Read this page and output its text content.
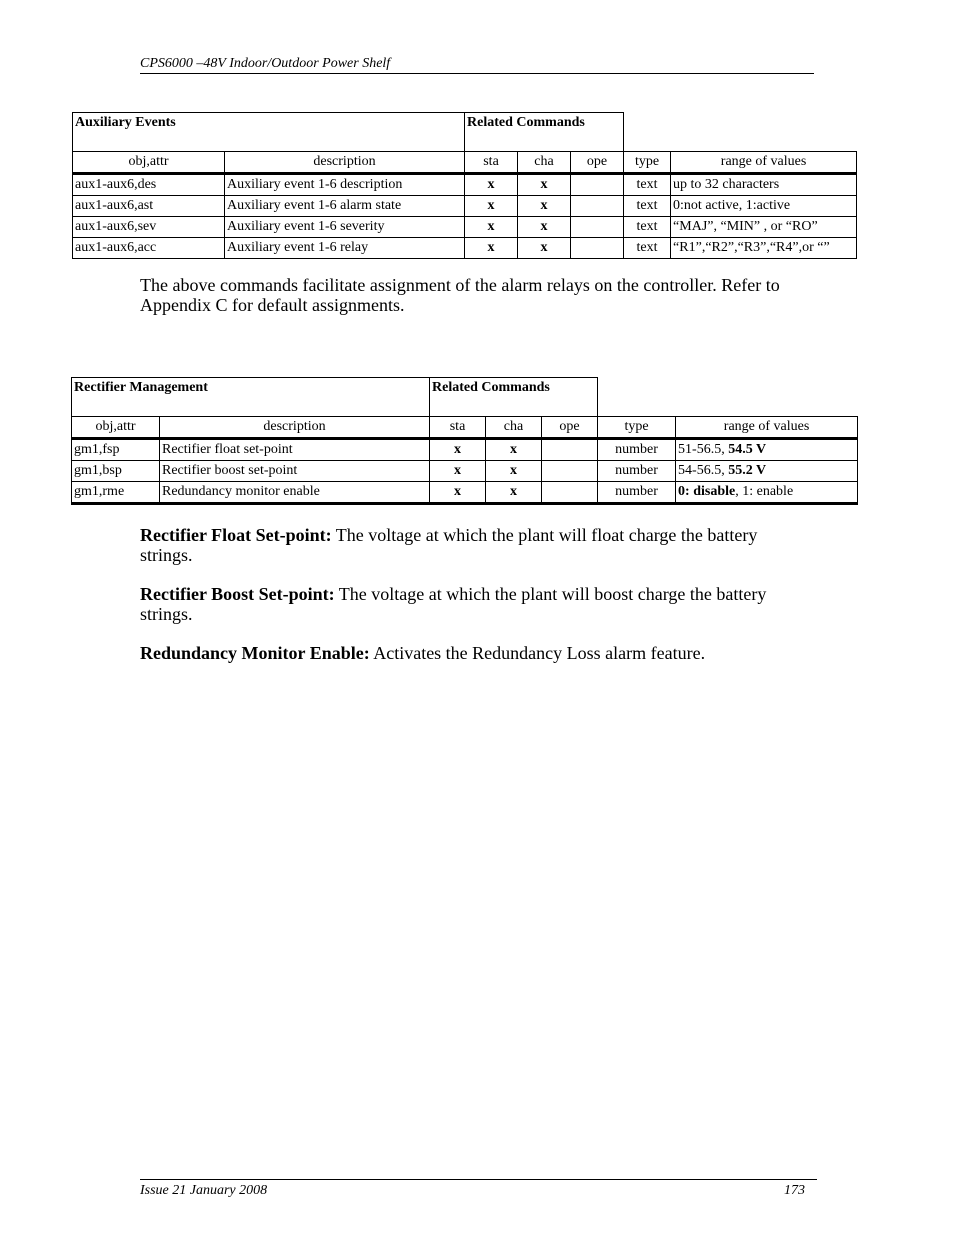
CPS6000 –48V Indoor/Outdoor Power Shelf
Auxiliary Events		Related Commands				
obj,attr	description	sta	cha	ope	type	range of values
aux1-aux6,des	Auxiliary event 1-6 description	x	x		text	up to 32 characters
aux1-aux6,ast	Auxiliary event 1-6 alarm state	x	x		text	0:not active, 1:active
aux1-aux6,sev	Auxiliary event 1-6 severity	x	x		text	“MAJ”, “MIN” , or “RO”
aux1-aux6,acc	Auxiliary event 1-6 relay	x	x		text	“R1”,“R2”,“R3”,“R4”,or “”
The above commands facilitate assignment of the alarm relays on the controller. Refer to Appendix C for default assignments.
Rectifier Management		Related Commands				
obj,attr	description	sta	cha	ope	type	range of values
gm1,fsp	Rectifier float set-point	x	x		number	51-56.5, 54.5 V
gm1,bsp	Rectifier boost set-point	x	x		number	54-56.5, 55.2 V
gm1,rme	Redundancy monitor enable	x	x		number	0: disable, 1: enable
Rectifier Float Set-point: The voltage at which the plant will float charge the battery strings.
Rectifier Boost Set-point: The voltage at which the plant will boost charge the battery strings.
Redundancy Monitor Enable: Activates the Redundancy Loss alarm feature.
Issue 21 January 2008	173
